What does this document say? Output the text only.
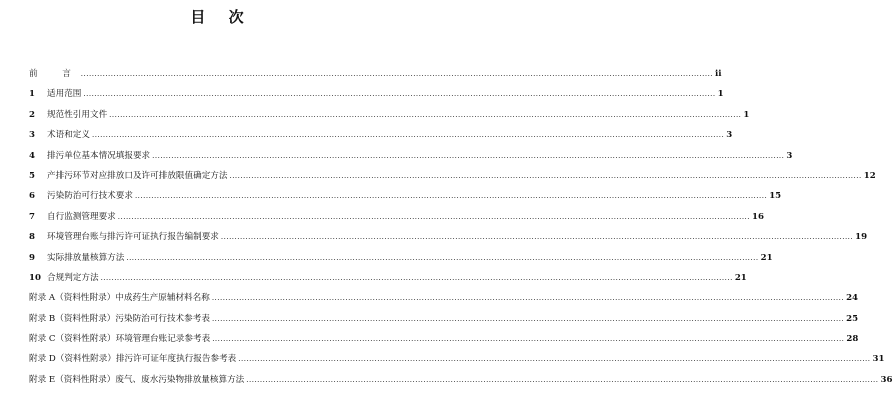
目 次
前　言 .....	ii
1	适用范围 .....	1
2	规范性引用文件 .....	1
3	术语和定义 .....	3
4	排污单位基本情况填报要求 .....	3
5	产排污环节对应排放口及许可排放限值确定方法 .....	12
6	污染防治可行技术要求 .....	15
7	自行监测管理要求 .....	16
8	环境管理台账与排污许可证执行报告编制要求 .....	19
9	实际排放量核算方法 .....	21
10 合规判定方法 .....	21
附录 A（资料性附录）中成药生产原辅材料名称 .....	24
附录 B（资料性附录）污染防治可行技术参考表 .....	25
附录 C（资料性附录）环境管理台账记录参考表 .....	28
附录 D（资料性附录）排污许可证年度执行报告参考表 .....	31
附录 E（资料性附录）废气、废水污染物排放量核算方法 .....	36
